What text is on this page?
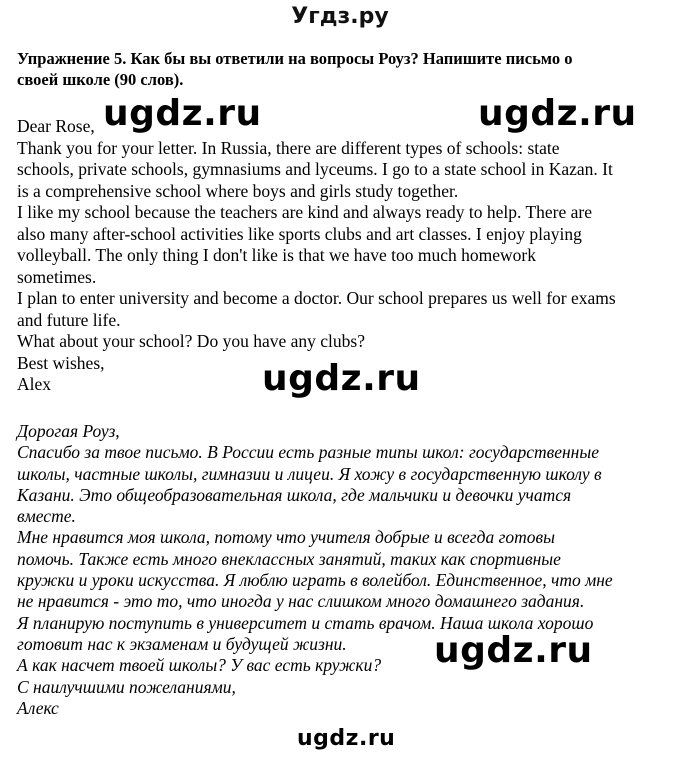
Угдз.ру
Упражнение 5. Как бы вы ответили на вопросы Роуз? Напишите письмо о
своей школе (90 слов).
Dear Rose,
Thank you for your letter. In Russia, there are different types of schools: state
schools, private schools, gymnasiums and lyceums. I go to a state school in Kazan. It
is a comprehensive school where boys and girls study together.
I like my school because the teachers are kind and always ready to help. There are
also many after-school activities like sports clubs and art classes. I enjoy playing
volleyball. The only thing I don't like is that we have too much homework
sometimes.
I plan to enter university and become a doctor. Our school prepares us well for exams
and future life.
What about your school? Do you have any clubs?
Best wishes,
Alex
Дорогая Роуз,
Спасибо за твое письмо. В России есть разные типы школ: государственные
школы, частные школы, гимназии и лицеи. Я хожу в государственную школу в
Казани. Это общеобразовательная школа, где мальчики и девочки учатся
вместе.
Мне нравится моя школа, потому что учителя добрые и всегда готовы
помочь. Также есть много внеклассных занятий, таких как спортивные
кружки и уроки искусства. Я люблю играть в волейбол. Единственное, что мне
не нравится - это то, что иногда у нас слишком много домашнего задания.
Я планирую поступить в университет и стать врачом. Наша школа хорошо
готовит нас к экзаменам и будущей жизни.
А как насчет твоей школы? У вас есть кружки?
С наилучшими пожеланиями,
Алекс
ugdz.ru	ugdz.ru
ugdz.ru
ugdz.ru
ugdz.ru
